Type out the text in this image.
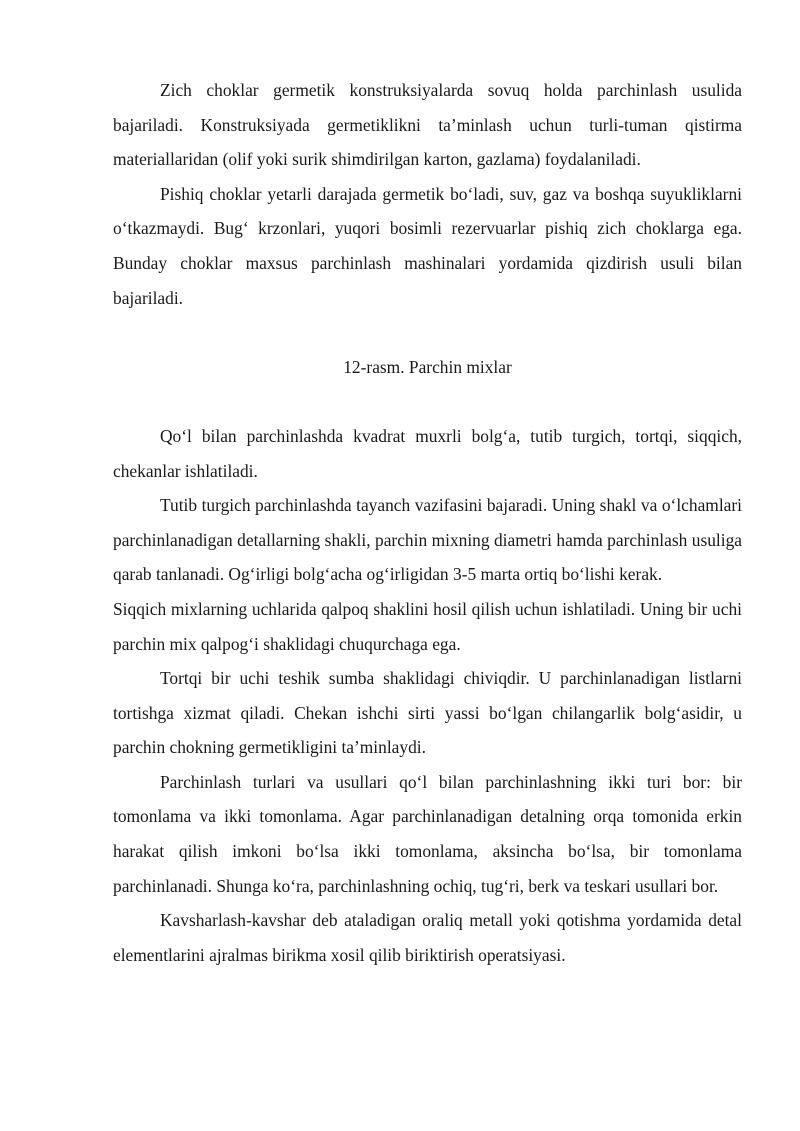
Zich choklar germetik konstruksiyalarda sovuq holda parchinlash usulida bajariladi. Konstruksiyada germetiklikni ta’minlash uchun turli-tuman qistirma materiallaridan (olif yoki surik shimdirilgan karton, gazlama) foydalaniladi.

Pishiq choklar yetarli darajada germetik bo‘ladi, suv, gaz va boshqa suyukliklarni o‘tkazmaydi. Bug‘ krzonlari, yuqori bosimli rezervuarlar pishiq zich choklarga ega. Bunday choklar maxsus parchinlash mashinalari yordamida qizdirish usuli bilan bajariladi.

12-rasm. Parchin mixlar

Qo‘l bilan parchinlashda kvadrat muxrli bolg‘a, tutib turgich, tortqi, siqqich, chekanlar ishlatiladi.

Tutib turgich parchinlashda tayanch vazifasini bajaradi. Uning shakl va o‘lchamlari parchinlanadigan detallarning shakli, parchin mixning diametri hamda parchinlash usuliga qarab tanlanadi. Og‘irligi bolg‘acha og‘irligidan 3-5 marta ortiq bo‘lishi kerak.

Siqqich mixlarning uchlarida qalpoq shaklini hosil qilish uchun ishlatiladi. Uning bir uchi parchin mix qalpog‘i shaklidagi chuqurchaga ega.

Tortqi bir uchi teshik sumba shaklidagi chiviqdir. U parchinlanadigan listlarni tortishga xizmat qiladi. Chekan ishchi sirti yassi bo‘lgan chilangarlik bolg‘asidir, u parchin chokning germetikligini ta’minlaydi.

Parchinlash turlari va usullari qo‘l bilan parchinlashning ikki turi bor: bir tomonlama va ikki tomonlama. Agar parchinlanadigan detalning orqa tomonida erkin harakat qilish imkoni bo‘lsa ikki tomonlama, aksincha bo‘lsa, bir tomonlama parchinlanadi. Shunga ko‘ra, parchinlashning ochiq, tug‘ri, berk va teskari usullari bor.

Kavsharlash-kavshar deb ataladigan oraliq metall yoki qotishma yordamida detal elementlarini ajralmas birikma xosil qilib biriktirish operatsiyasi.
